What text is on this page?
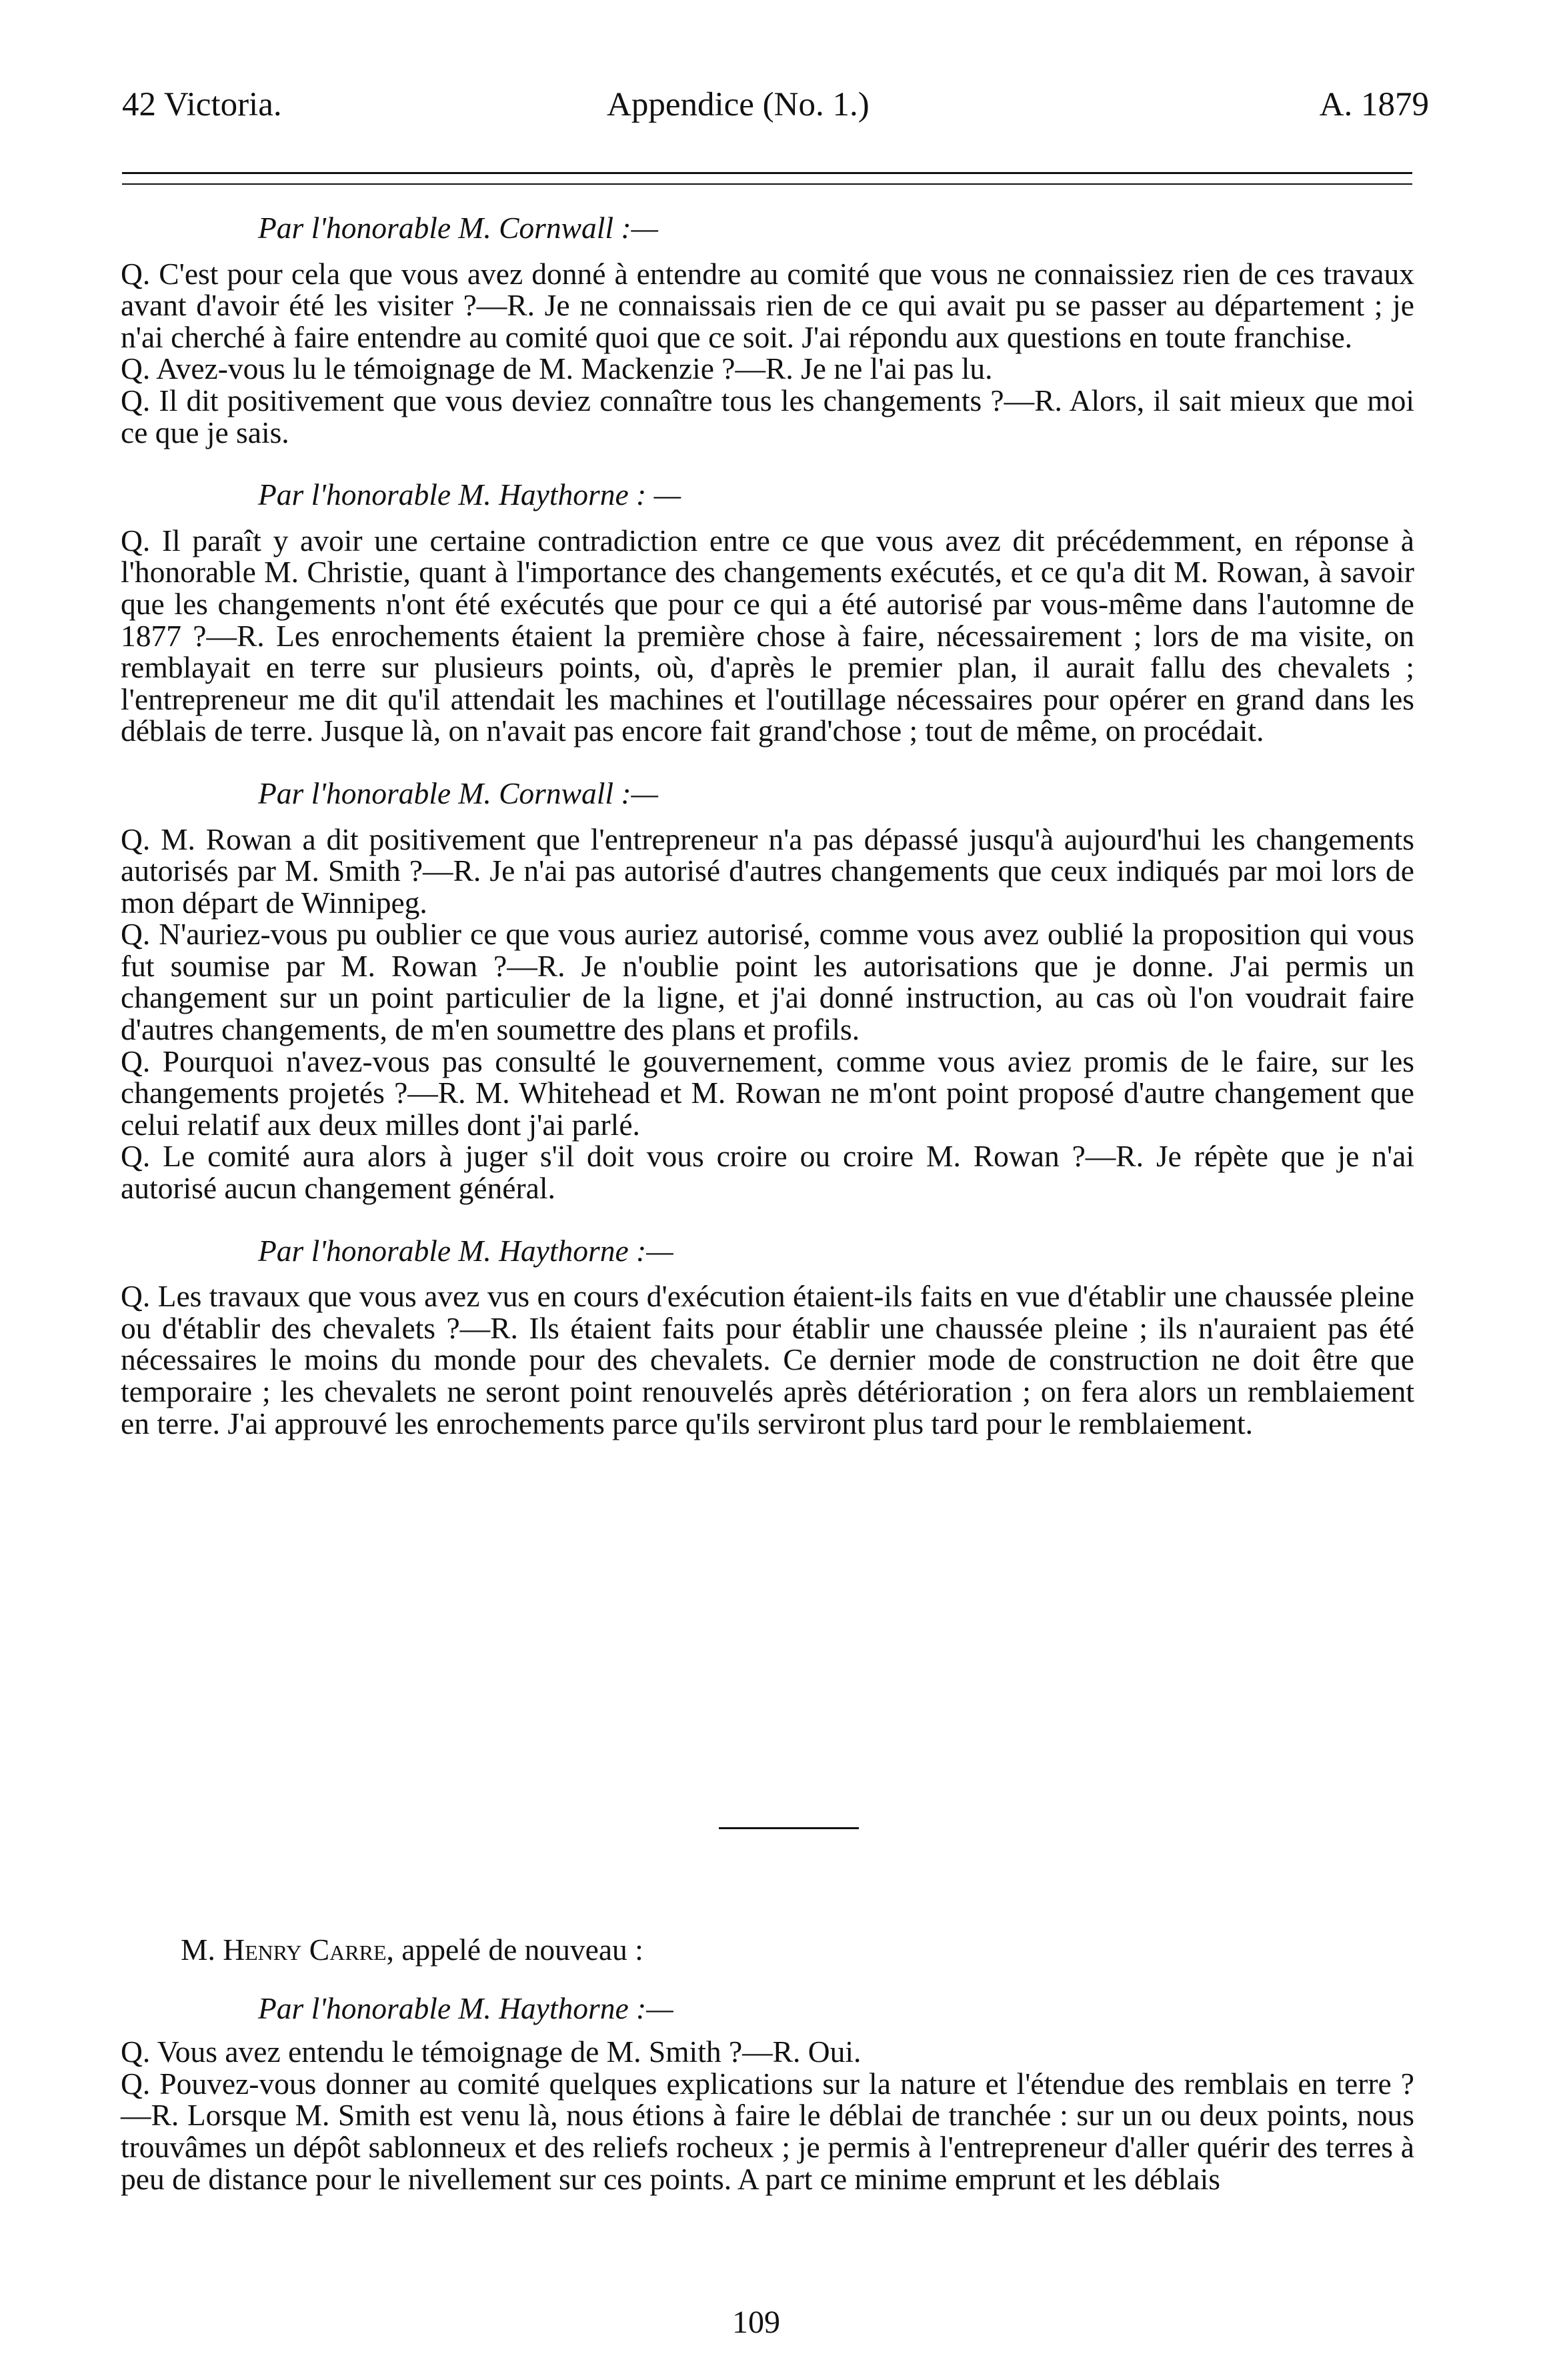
42 Victoria.	Appendice (No. 1.)	A. 1879
Par l'honorable M. Cornwall :—

Q. C'est pour cela que vous avez donné à entendre au comité que vous ne connaissiez rien de ces travaux avant d'avoir été les visiter ?—R. Je ne connaissais rien de ce qui avait pu se passer au département ; je n'ai cherché à faire entendre au comité quoi que ce soit. J'ai répondu aux questions en toute franchise.

Q. Avez-vous lu le témoignage de M. Mackenzie ?—R. Je ne l'ai pas lu.

Q. Il dit positivement que vous deviez connaître tous les changements ?—R. Alors, il sait mieux que moi ce que je sais.

Par l'honorable M. Haythorne : —

Q. Il paraît y avoir une certaine contradiction entre ce que vous avez dit précédemment, en réponse à l'honorable M. Christie, quant à l'importance des changements exécutés, et ce qu'a dit M. Rowan, à savoir que les changements n'ont été exécutés que pour ce qui a été autorisé par vous-même dans l'automne de 1877 ?—R. Les enrochements étaient la première chose à faire, nécessairement ; lors de ma visite, on remblayait en terre sur plusieurs points, où, d'après le premier plan, il aurait fallu des chevalets ; l'entrepreneur me dit qu'il attendait les machines et l'outillage nécessaires pour opérer en grand dans les déblais de terre. Jusque là, on n'avait pas encore fait grand'chose ; tout de même, on procédait.

Par l'honorable M. Cornwall :—

Q. M. Rowan a dit positivement que l'entrepreneur n'a pas dépassé jusqu'à aujourd'hui les changements autorisés par M. Smith ?—R. Je n'ai pas autorisé d'autres changements que ceux indiqués par moi lors de mon départ de Winnipeg.

Q. N'auriez-vous pu oublier ce que vous auriez autorisé, comme vous avez oublié la proposition qui vous fut soumise par M. Rowan ?—R. Je n'oublie point les autorisations que je donne. J'ai permis un changement sur un point particulier de la ligne, et j'ai donné instruction, au cas où l'on voudrait faire d'autres changements, de m'en soumettre des plans et profils.

Q. Pourquoi n'avez-vous pas consulté le gouvernement, comme vous aviez promis de le faire, sur les changements projetés ?—R. M. Whitehead et M. Rowan ne m'ont point proposé d'autre changement que celui relatif aux deux milles dont j'ai parlé.

Q. Le comité aura alors à juger s'il doit vous croire ou croire M. Rowan ?—R. Je répète que je n'ai autorisé aucun changement général.

Par l'honorable M. Haythorne :—

Q. Les travaux que vous avez vus en cours d'exécution étaient-ils faits en vue d'établir une chaussée pleine ou d'établir des chevalets ?—R. Ils étaient faits pour établir une chaussée pleine ; ils n'auraient pas été nécessaires le moins du monde pour des chevalets. Ce dernier mode de construction ne doit être que temporaire ; les chevalets ne seront point renouvelés après détérioration ; on fera alors un remblaiement en terre. J'ai approuvé les enrochements parce qu'ils serviront plus tard pour le remblaiement.

M. Henry Carre, appelé de nouveau :
Par l'honorable M. Haythorne :—

Q. Vous avez entendu le témoignage de M. Smith ?—R. Oui.

Q. Pouvez-vous donner au comité quelques explications sur la nature et l'étendue des remblais en terre ?—R. Lorsque M. Smith est venu là, nous étions à faire le déblai de tranchée : sur un ou deux points, nous trouvâmes un dépôt sablonneux et des reliefs rocheux ; je permis à l'entrepreneur d'aller quérir des terres à peu de distance pour le nivellement sur ces points. A part ce minime emprunt et les déblais

109
